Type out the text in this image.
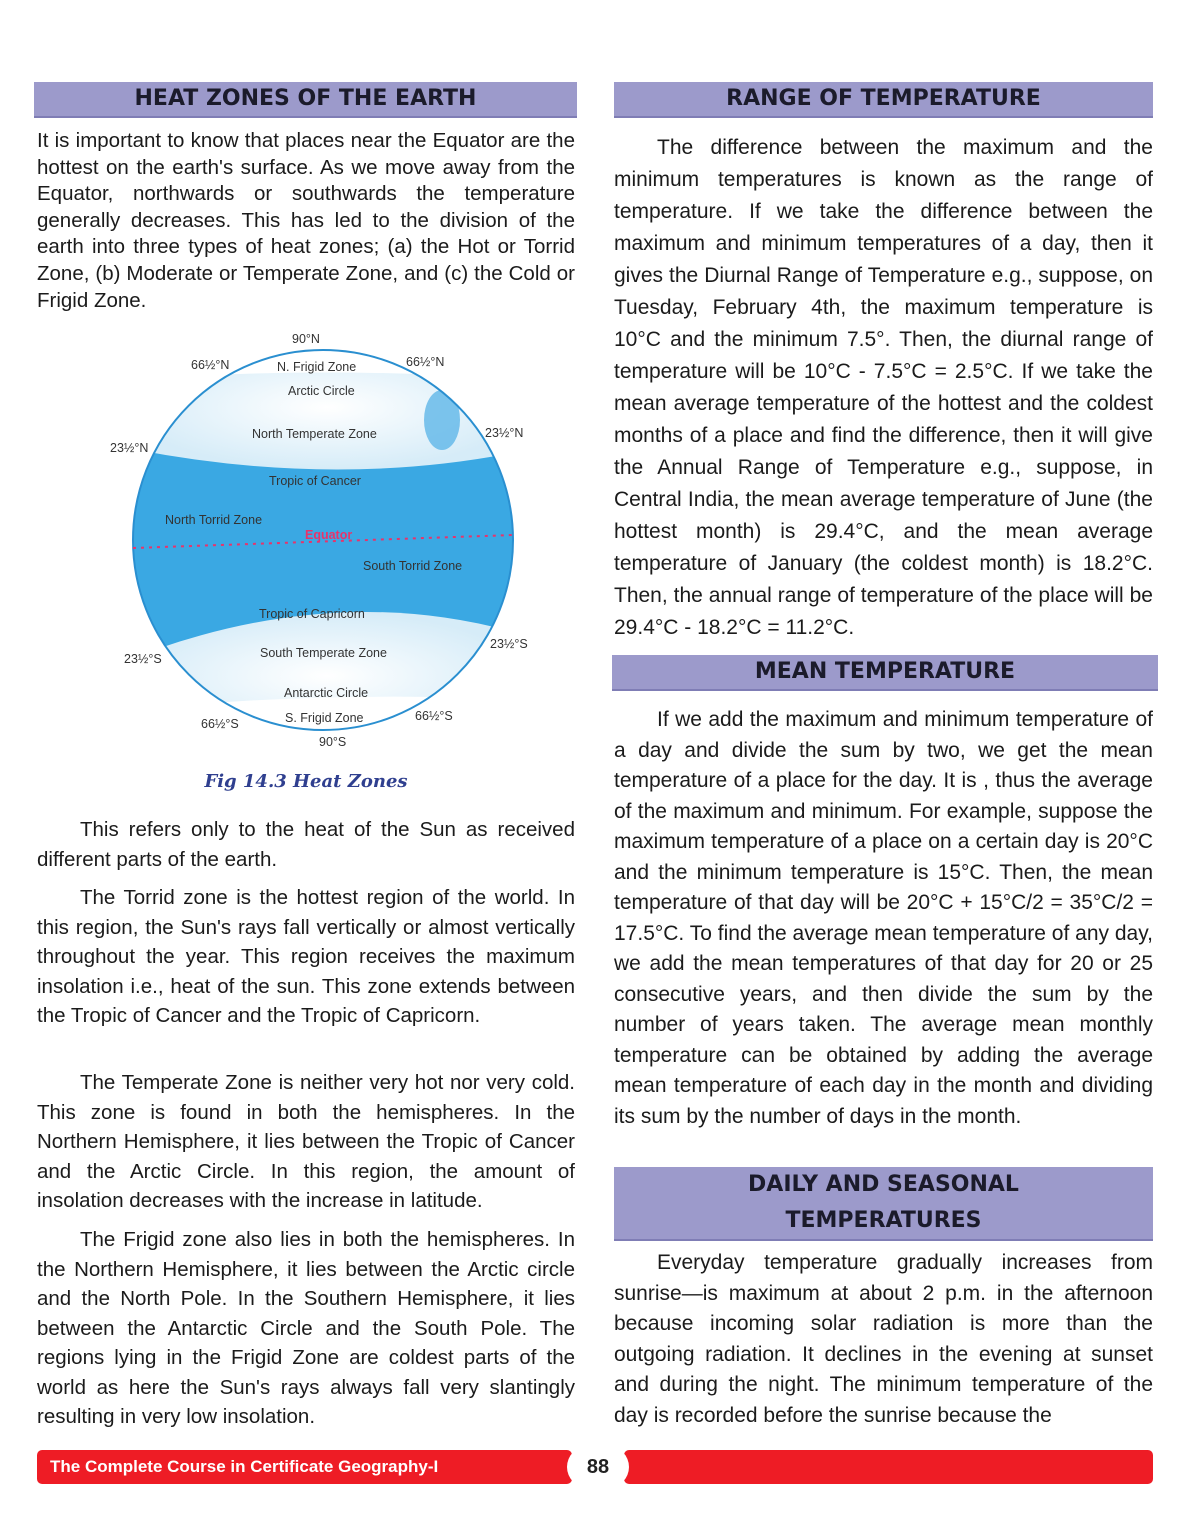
HEAT ZONES OF THE EARTH

It is important to know that places near the Equator are the hottest on the earth's surface. As we move away from the Equator, northwards or southwards the temperature generally decreases. This has led to the division of the earth into three types of heat zones; (a) the Hot or Torrid Zone, (b) Moderate or Temperate Zone, and (c) the Cold or Frigid Zone.

90°N
66½°N	66½°N
N. Frigid Zone
Arctic Circle
23½°N
23½°N
North Temperate Zone
Tropic of Cancer
North Torrid Zone
Equator
South Torrid Zone
Tropic of Capricorn
23½°S
23½°S
South Temperate Zone
Antarctic Circle
66½°S
66½°S
S. Frigid Zone
90°S
Fig 14.3 Heat Zones

This refers only to the heat of the Sun as received different parts of the earth.

The Torrid zone is the hottest region of the world. In this region, the Sun's rays fall vertically or almost vertically throughout the year. This region receives the maximum insolation i.e., heat of the sun. This zone extends between the Tropic of Cancer and the Tropic of Capricorn.

The Temperate Zone is neither very hot nor very cold. This zone is found in both the hemispheres. In the Northern Hemisphere, it lies between the Tropic of Cancer and the Arctic Circle. In this region, the amount of insolation decreases with the increase in latitude.

The Frigid zone also lies in both the hemispheres. In the Northern Hemisphere, it lies between the Arctic circle and the North Pole. In the Southern Hemisphere, it lies between the Antarctic Circle and the South Pole. The regions lying in the Frigid Zone are coldest parts of the world as here the Sun's rays always fall very slantingly resulting in very low insolation.

RANGE OF TEMPERATURE

The difference between the maximum and the minimum temperatures is known as the range of temperature. If we take the difference between the maximum and minimum temperatures of a day, then it gives the Diurnal Range of Temperature e.g., suppose, on Tuesday, February 4th, the maximum temperature is 10°C and the minimum 7.5°. Then, the diurnal range of temperature will be 10°C - 7.5°C = 2.5°C. If we take the mean average temperature of the hottest and the coldest months of a place and find the difference, then it will give the Annual Range of Temperature e.g., suppose, in Central India, the mean average temperature of June (the hottest month) is 29.4°C, and the mean average temperature of January (the coldest month) is 18.2°C. Then, the annual range of temperature of the place will be 29.4°C - 18.2°C = 11.2°C.

MEAN TEMPERATURE

If we add the maximum and minimum temperature of a day and divide the sum by two, we get the mean temperature of a place for the day. It is , thus the average of the maximum and minimum. For example, suppose the maximum temperature of a place on a certain day is 20°C and the minimum temperature is 15°C. Then, the mean temperature of that day will be 20°C + 15°C/2 = 35°C/2 = 17.5°C. To find the average mean temperature of any day, we add the mean temperatures of that day for 20 or 25 consecutive years, and then divide the sum by the number of years taken. The average mean monthly temperature can be obtained by adding the average mean temperature of each day in the month and dividing its sum by the number of days in the month.

DAILY AND SEASONAL
TEMPERATURES

Everyday temperature gradually increases from sunrise—is maximum at about 2 p.m. in the afternoon because incoming solar radiation is more than the outgoing radiation. It declines in the evening at sunset and during the night. The minimum temperature of the day is recorded before the sunrise because the

The Complete Course in Certificate Geography-I	88
